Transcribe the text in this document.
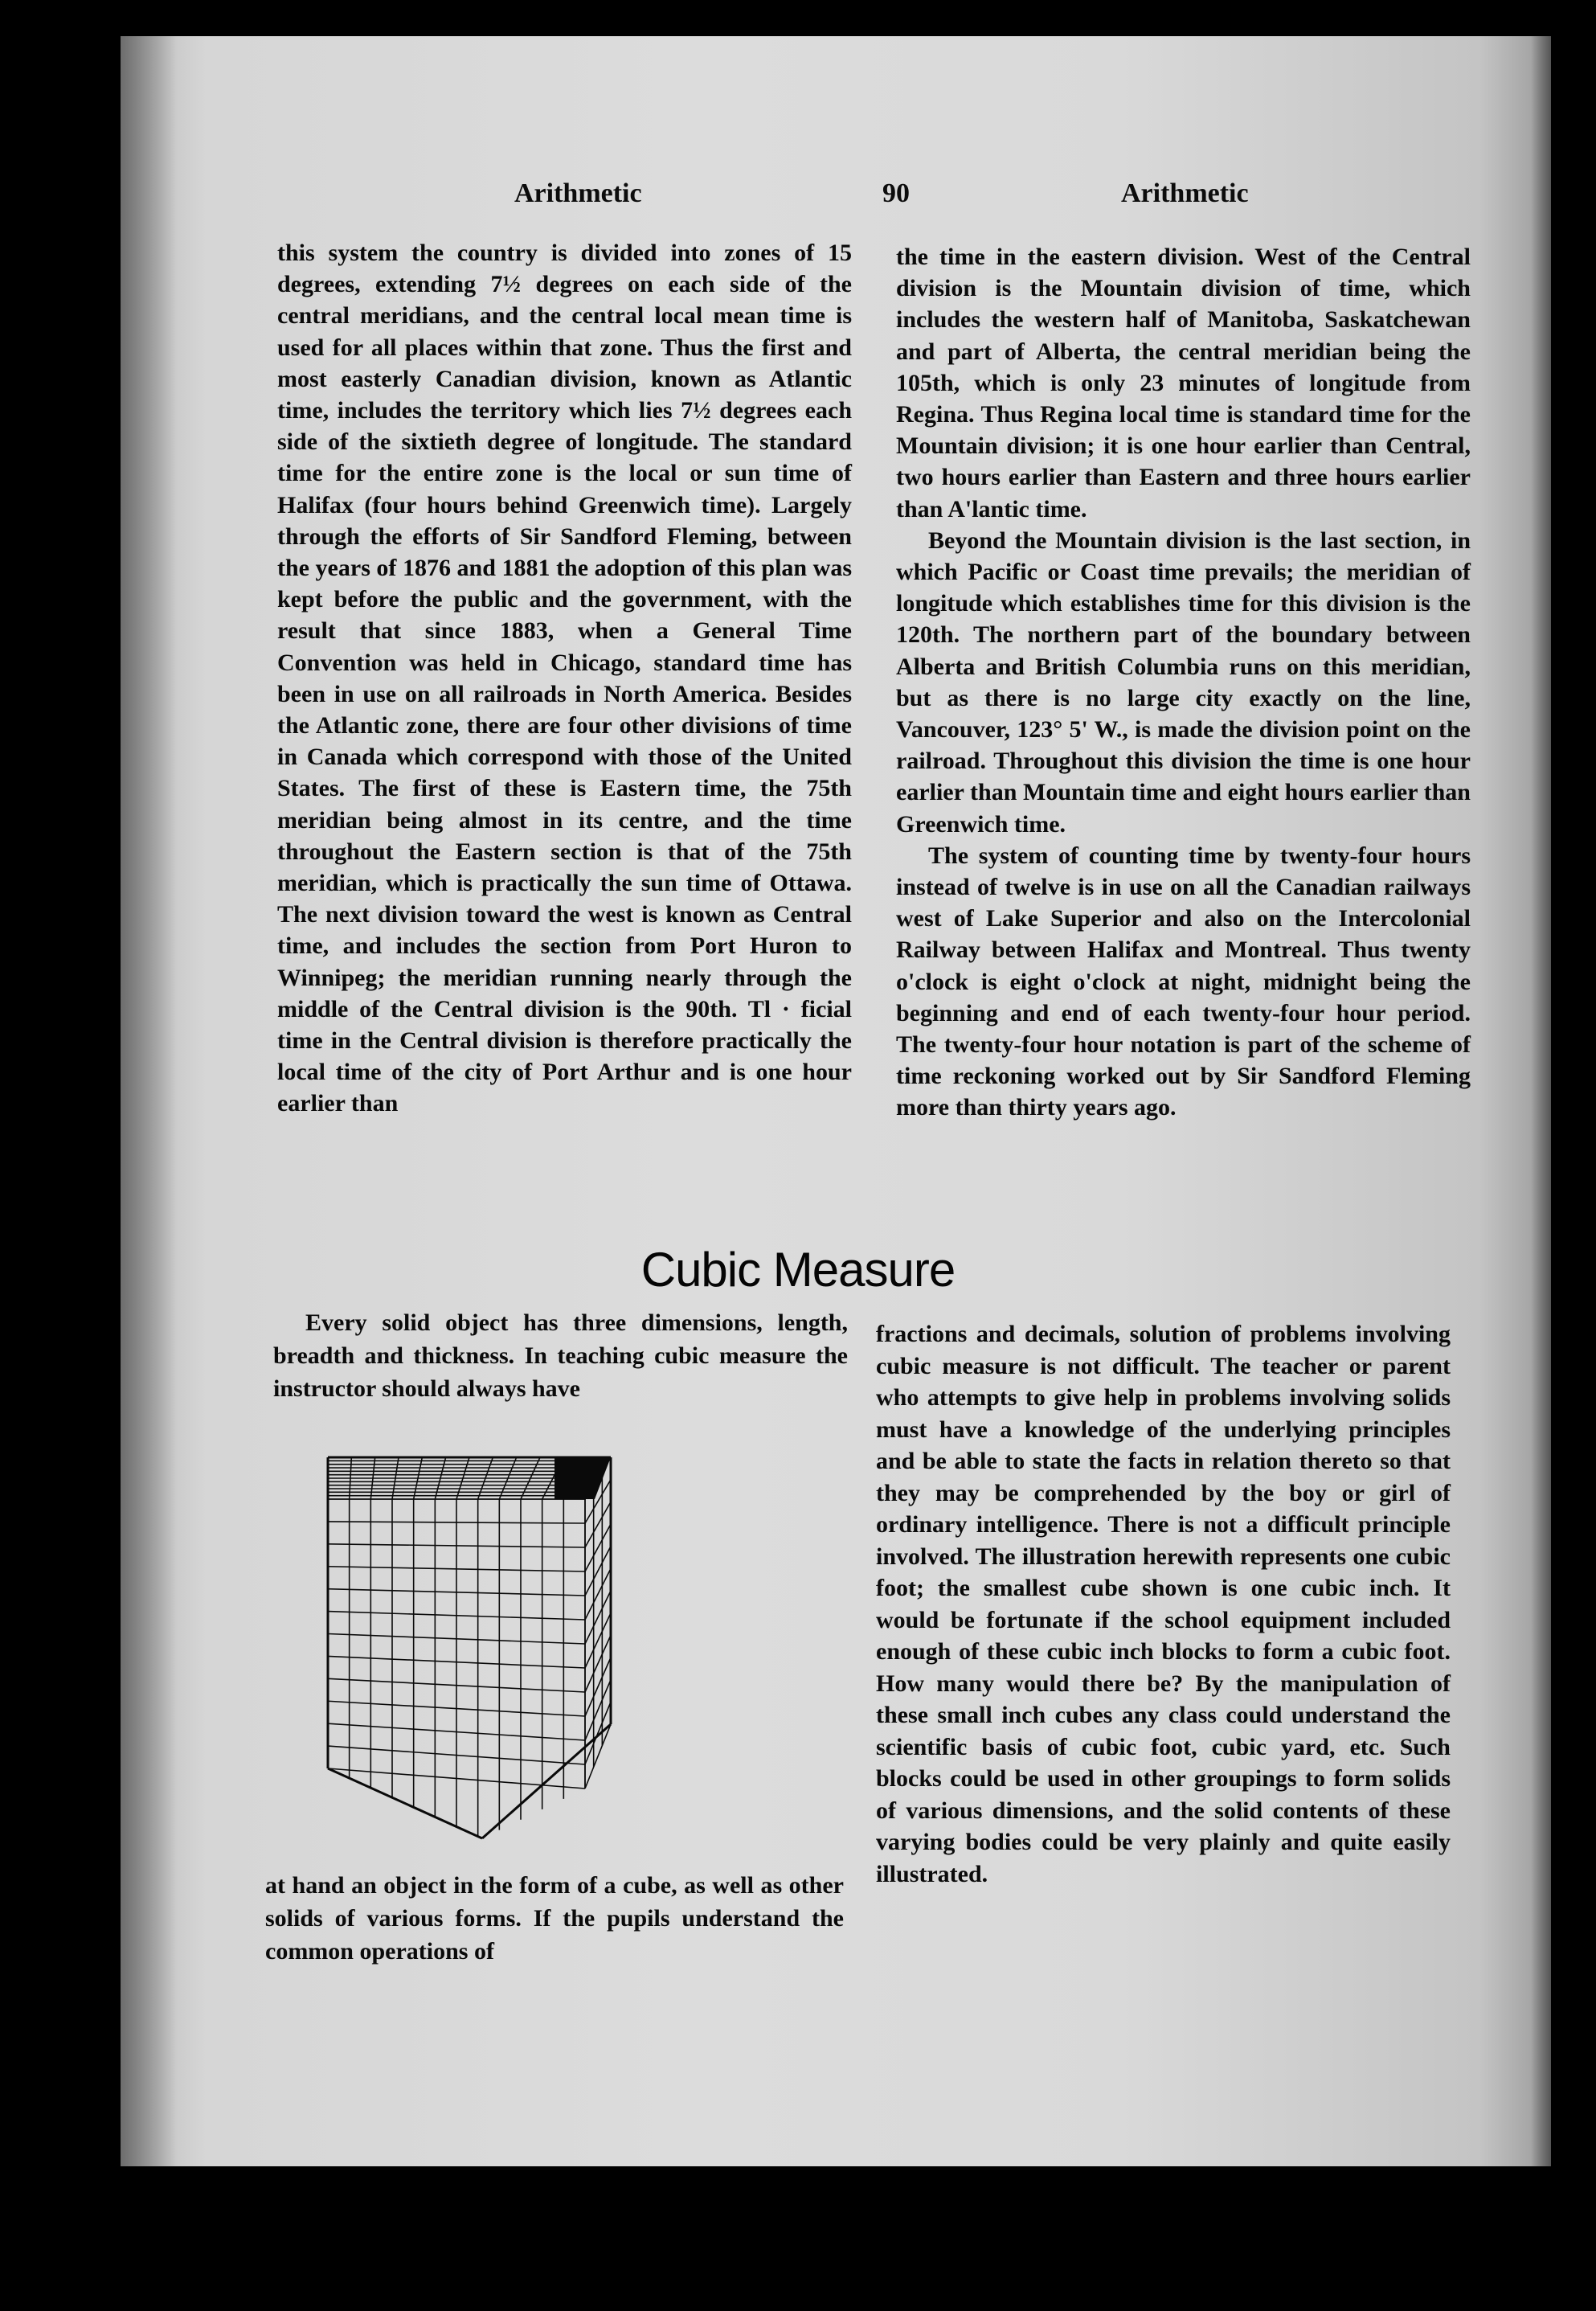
Arithmetic	90	Arithmetic

this system the country is divided into zones of 15 degrees, extending 7½ degrees on each side of the central meridians, and the central local mean time is used for all places within that zone. Thus the first and most easterly Canadian division, known as Atlantic time, includes the territory which lies 7½ degrees each side of the sixtieth degree of longitude. The standard time for the entire zone is the local or sun time of Halifax (four hours behind Greenwich time). Largely through the efforts of Sir Sandford Fleming, between the years of 1876 and 1881 the adoption of this plan was kept before the public and the government, with the result that since 1883, when a General Time Convention was held in Chicago, standard time has been in use on all railroads in North America. Besides the Atlantic zone, there are four other divisions of time in Canada which correspond with those of the United States. The first of these is Eastern time, the 75th meridian being almost in its centre, and the time throughout the Eastern section is that of the 75th meridian, which is practically the sun time of Ottawa. The next division toward the west is known as Central time, and includes the section from Port Huron to Winnipeg; the meridian running nearly through the middle of the Central division is the 90th. Tl · ficial time in the Central division is therefore practically the local time of the city of Port Arthur and is one hour earlier than

the time in the eastern division. West of the Central division is the Mountain division of time, which includes the western half of Manitoba, Saskatchewan and part of Alberta, the central meridian being the 105th, which is only 23 minutes of longitude from Regina. Thus Regina local time is standard time for the Mountain division; it is one hour earlier than Central, two hours earlier than Eastern and three hours earlier than A'lantic time.

Beyond the Mountain division is the last section, in which Pacific or Coast time prevails; the meridian of longitude which establishes time for this division is the 120th. The northern part of the boundary between Alberta and British Columbia runs on this meridian, but as there is no large city exactly on the line, Vancouver, 123° 5' W., is made the division point on the railroad. Throughout this division the time is one hour earlier than Mountain time and eight hours earlier than Greenwich time.

The system of counting time by twenty-four hours instead of twelve is in use on all the Canadian railways west of Lake Superior and also on the Intercolonial Railway between Halifax and Montreal. Thus twenty o'clock is eight o'clock at night, midnight being the beginning and end of each twenty-four hour period. The twenty-four hour notation is part of the scheme of time reckoning worked out by Sir Sandford Fleming more than thirty years ago.

Cubic Measure

Every solid object has three dimensions, length, breadth and thickness. In teaching cubic measure the instructor should always have

at hand an object in the form of a cube, as well as other solids of various forms. If the pupils understand the common operations of

fractions and decimals, solution of problems involving cubic measure is not difficult. The teacher or parent who attempts to give help in problems involving solids must have a knowledge of the underlying principles and be able to state the facts in relation thereto so that they may be comprehended by the boy or girl of ordinary intelligence. There is not a difficult principle involved. The illustration herewith represents one cubic foot; the smallest cube shown is one cubic inch. It would be fortunate if the school equipment included enough of these cubic inch blocks to form a cubic foot. How many would there be? By the manipulation of these small inch cubes any class could understand the scientific basis of cubic foot, cubic yard, etc. Such blocks could be used in other groupings to form solids of various dimensions, and the solid contents of these varying bodies could be very plainly and quite easily illustrated.
